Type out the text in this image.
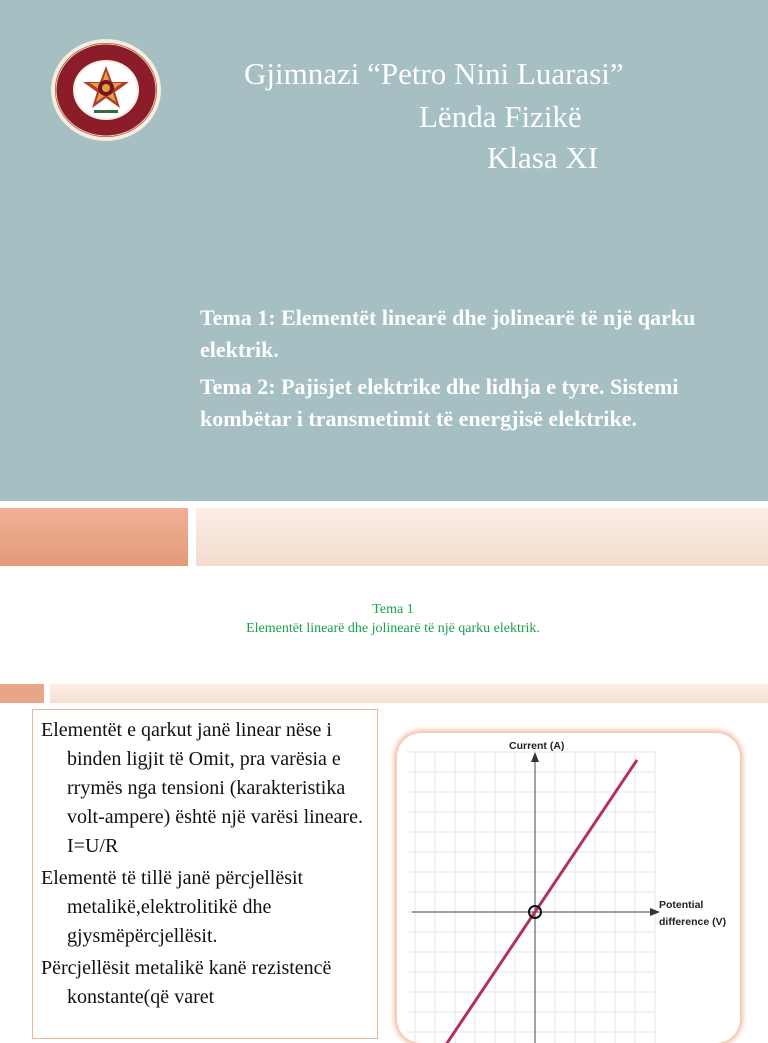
Gjimnazi “Petro Nini Luarasi”
Lënda Fizikë
Klasa XI

Tema 1: Elementët linearë dhe jolinearë të një qarku elektrik.

Tema 2: Pajisjet elektrike dhe lidhja e tyre. Sistemi kombëtar i transmetimit të energjisë elektrike.

Tema 1
Elementët linearë dhe jolinearë të një qarku elektrik.

Elementët e qarkut janë linear nëse i binden ligjit të Omit, pra varësia e rrymës nga tensioni (karakteristika volt-ampere) është një varësi lineare. I=U/R

Elementë të tillë janë përcjellësit metalikë,elektrolitikë dhe gjysmëpërcjellësit.

Përcjellësit metalikë kanë rezistencë konstante(që varet

Current (A)
Potential
difference (V)
